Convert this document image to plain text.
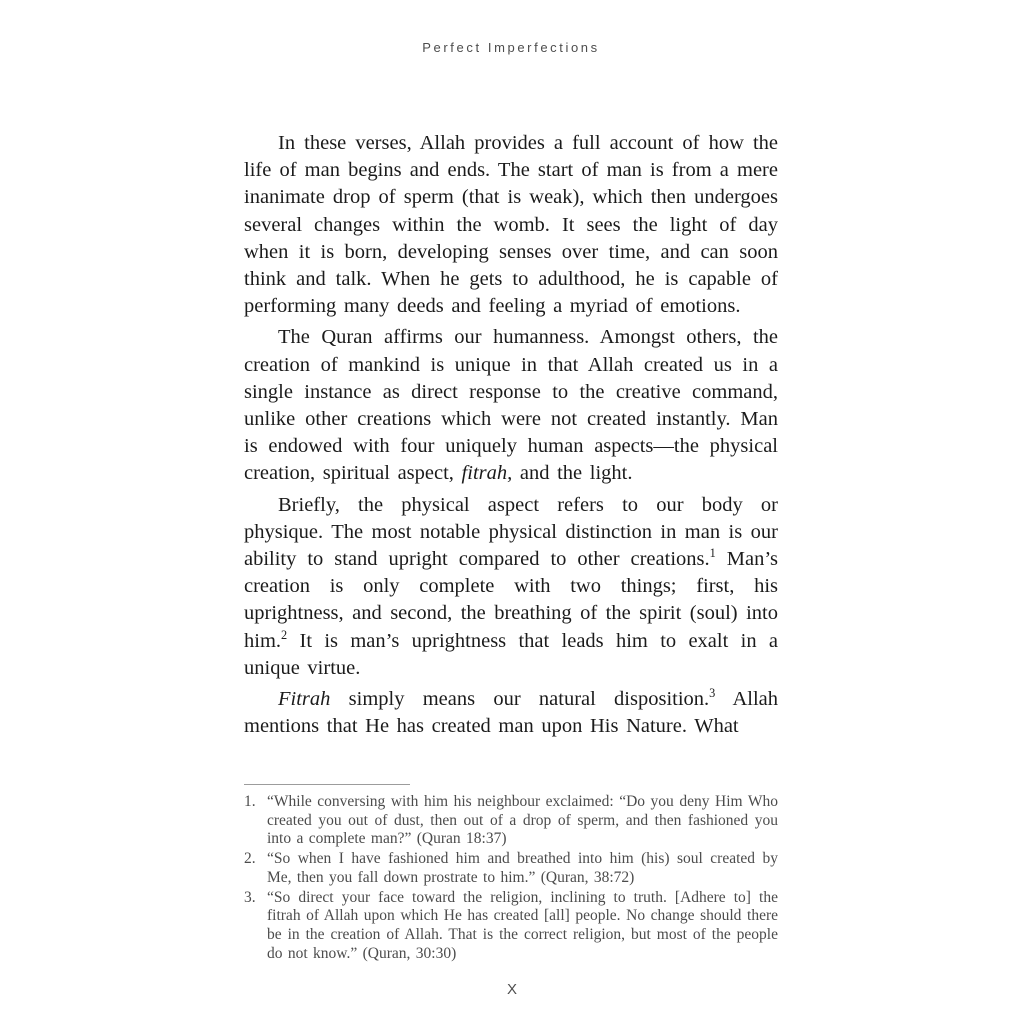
Perfect Imperfections

In these verses, Allah provides a full account of how the life of man begins and ends. The start of man is from a mere inanimate drop of sperm (that is weak), which then undergoes several changes within the womb. It sees the light of day when it is born, developing senses over time, and can soon think and talk. When he gets to adulthood, he is capable of performing many deeds and feeling a myriad of emotions.

The Quran affirms our humanness. Amongst others, the creation of mankind is unique in that Allah created us in a single instance as direct response to the creative command, unlike other creations which were not created instantly. Man is endowed with four uniquely human aspects—the physical creation, spiritual aspect, fitrah, and the light.

Briefly, the physical aspect refers to our body or physique. The most notable physical distinction in man is our ability to stand upright compared to other creations.$^1$ Man’s creation is only complete with two things; first, his uprightness, and second, the breathing of the spirit (soul) into him.$^2$ It is man’s uprightness that leads him to exalt in a unique virtue.

Fitrah simply means our natural disposition.$^3$ Allah mentions that He has created man upon His Nature. What

1. “While conversing with him his neighbour exclaimed: “Do you deny Him Who created you out of dust, then out of a drop of sperm, and then fashioned you into a complete man?” (Quran 18:37)
2. “So when I have fashioned him and breathed into him (his) soul created by Me, then you fall down prostrate to him.” (Quran, 38:72)
3. “So direct your face toward the religion, inclining to truth. [Adhere to] the fitrah of Allah upon which He has created [all] people. No change should there be in the creation of Allah. That is the correct religion, but most of the people do not know.” (Quran, 30:30)
X
